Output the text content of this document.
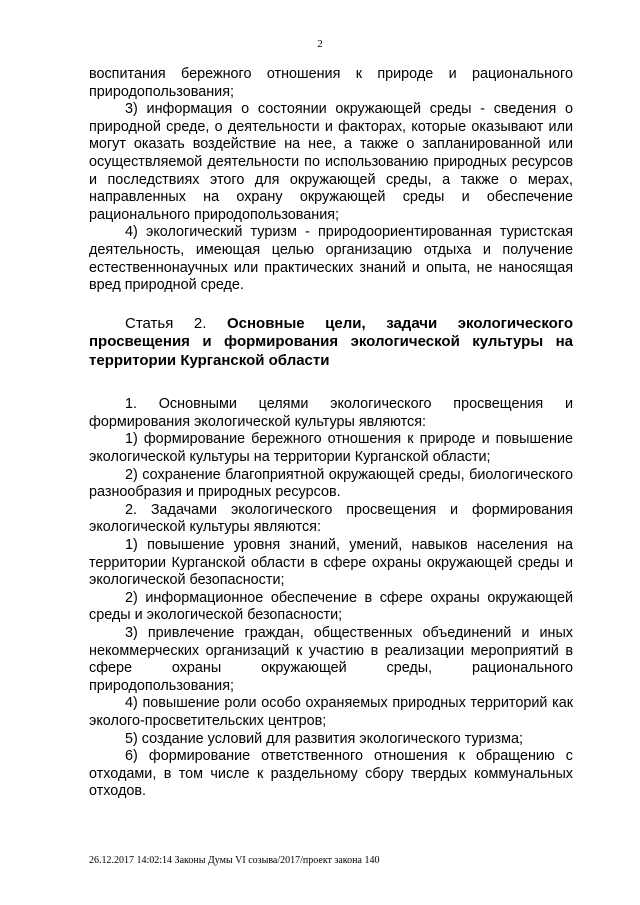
2

воспитания бережного отношения к природе и рационального природопользования;

3) информация о состоянии окружающей среды - сведения о природной среде, о деятельности и факторах, которые оказывают или могут оказать воздействие на нее, а также о запланированной или осуществляемой деятельности по использованию природных ресурсов и последствиях этого для окружающей среды, а также о мерах, направленных на охрану окружающей среды и обеспечение рационального природопользования;

4) экологический туризм - природоориентированная туристская деятельность, имеющая целью организацию отдыха и получение естественнонаучных или практических знаний и опыта, не наносящая вред природной среде.

Статья 2. Основные цели, задачи экологического просвещения и формирования экологической культуры на территории Курганской области

1. Основными целями экологического просвещения и формирования экологической культуры являются:

1) формирование бережного отношения к природе и повышение экологической культуры на территории Курганской области;

2) сохранение благоприятной окружающей среды, биологического разнообразия и природных ресурсов.

2. Задачами экологического просвещения и формирования экологической культуры являются:

1) повышение уровня знаний, умений, навыков населения на территории Курганской области в сфере охраны окружающей среды и экологической безопасности;

2) информационное обеспечение в сфере охраны окружающей среды и экологической безопасности;

3) привлечение граждан, общественных объединений и иных некоммерческих организаций к участию в реализации мероприятий в сфере охраны окружающей среды, рационального природопользования;

4) повышение роли особо охраняемых природных территорий как эколого-просветительских центров;

5) создание условий для развития экологического туризма;

6) формирование ответственного отношения к обращению с отходами, в том числе к раздельному сбору твердых коммунальных отходов.

26.12.2017 14:02:14 Законы Думы VI созыва/2017/проект закона 140
